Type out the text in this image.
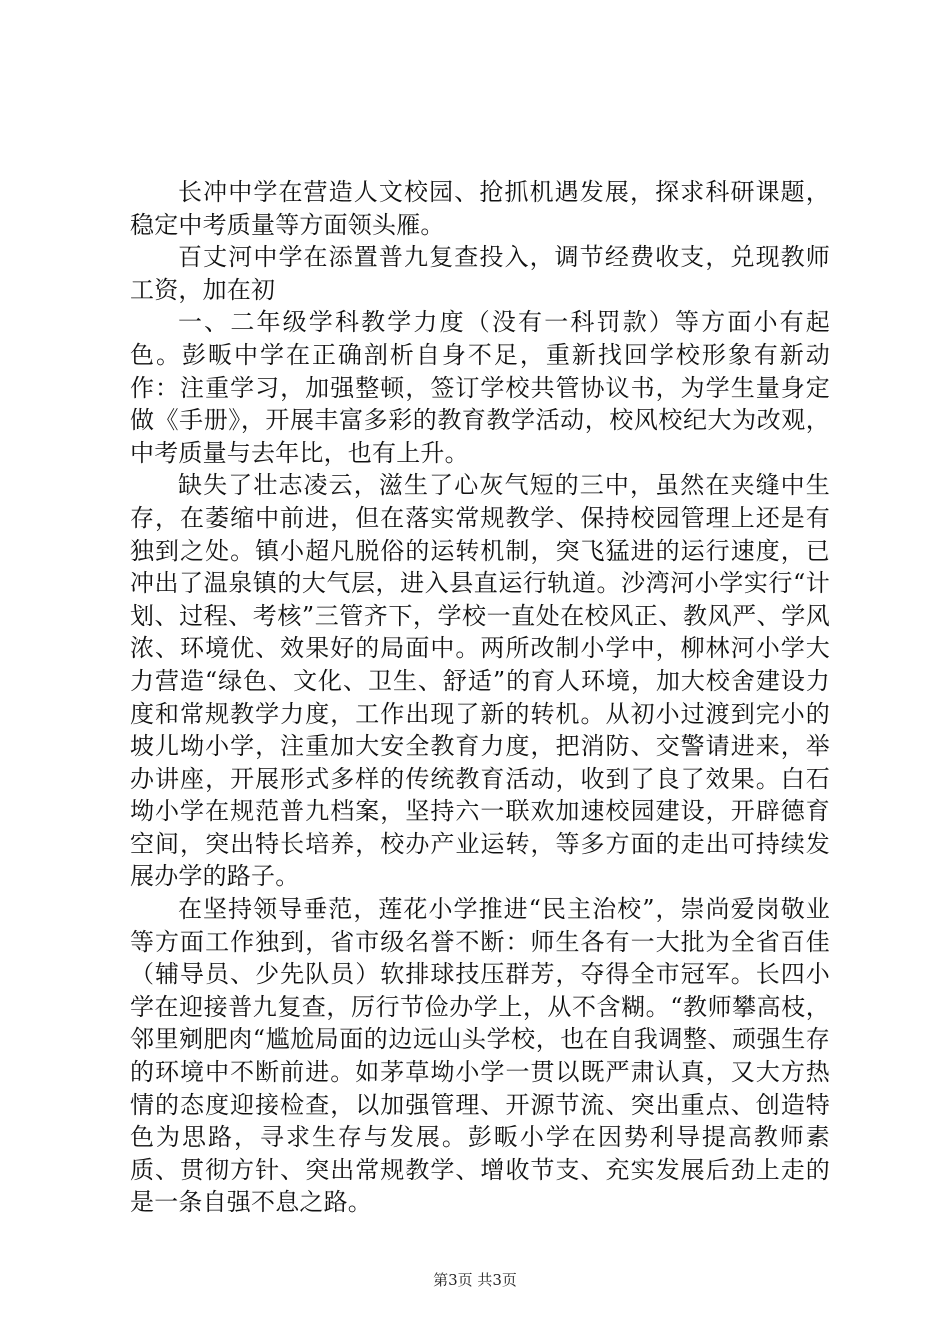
长冲中学在营造人文校园、抢抓机遇发展，探求科研课题，稳定中考质量等方面领头雁。

百丈河中学在添置普九复查投入，调节经费收支，兑现教师工资，加在初

一、二年级学科教学力度（没有一科罚款）等方面小有起色。彭畈中学在正确剖析自身不足，重新找回学校形象有新动作：注重学习，加强整顿，签订学校共管协议书，为学生量身定做《手册》，开展丰富多彩的教育教学活动，校风校纪大为改观，中考质量与去年比，也有上升。

缺失了壮志凌云，滋生了心灰气短的三中，虽然在夹缝中生存，在萎缩中前进，但在落实常规教学、保持校园管理上还是有独到之处。镇小超凡脱俗的运转机制，突飞猛进的运行速度，已冲出了温泉镇的大气层，进入县直运行轨道。沙湾河小学实行“计划、过程、考核”三管齐下，学校一直处在校风正、教风严、学风浓、环境优、效果好的局面中。两所改制小学中，柳林河小学大力营造“绿色、文化、卫生、舒适”的育人环境，加大校舍建设力度和常规教学力度，工作出现了新的转机。从初小过渡到完小的坡儿坳小学，注重加大安全教育力度，把消防、交警请进来，举办讲座，开展形式多样的传统教育活动，收到了良了效果。白石坳小学在规范普九档案，坚持六一联欢加速校园建设，开辟德育空间，突出特长培养，校办产业运转，等多方面的走出可持续发展办学的路子。

在坚持领导垂范，莲花小学推进“民主治校”，崇尚爱岗敬业等方面工作独到，省市级名誉不断：师生各有一大批为全省百佳（辅导员、少先队员）软排球技压群芳，夺得全市冠军。长四小学在迎接普九复查，厉行节俭办学上，从不含糊。“教师攀高枝，邻里剜肥肉“尴尬局面的边远山头学校，也在自我调整、顽强生存的环境中不断前进。如茅草坳小学一贯以既严肃认真，又大方热情的态度迎接检查，以加强管理、开源节流、突出重点、创造特色为思路，寻求生存与发展。彭畈小学在因势利导提高教师素质、贯彻方针、突出常规教学、增收节支、充实发展后劲上走的是一条自强不息之路。

第3页 共3页
